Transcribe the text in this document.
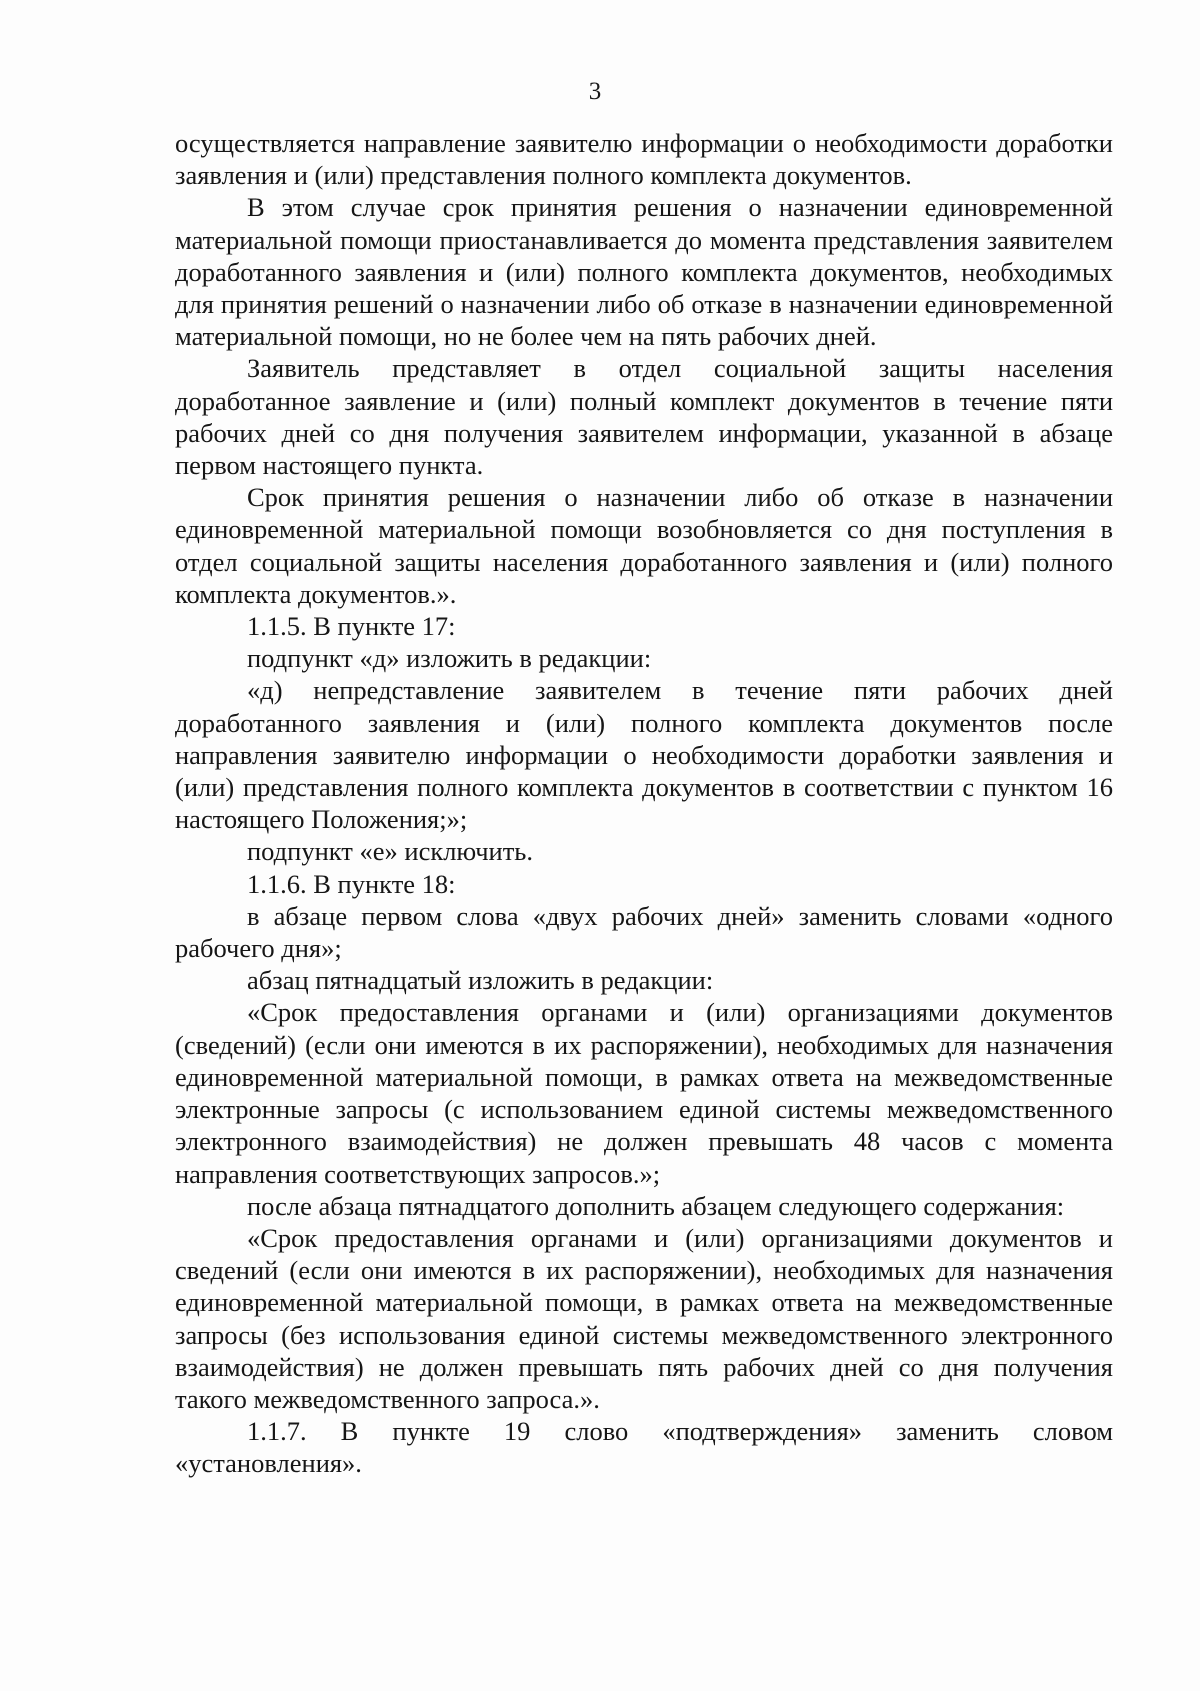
3

осуществляется направление заявителю информации о необходимости доработки заявления и (или) представления полного комплекта документов.

В этом случае срок принятия решения о назначении единовременной материальной помощи приостанавливается до момента представления заявителем доработанного заявления и (или) полного комплекта документов, необходимых для принятия решений о назначении либо об отказе в назначении единовременной материальной помощи, но не более чем на пять рабочих дней.

Заявитель представляет в отдел социальной защиты населения доработанное заявление и (или) полный комплект документов в течение пяти рабочих дней со дня получения заявителем информации, указанной в абзаце первом настоящего пункта.

Срок принятия решения о назначении либо об отказе в назначении единовременной материальной помощи возобновляется со дня поступления в отдел социальной защиты населения доработанного заявления и (или) полного комплекта документов.».

1.1.5. В пункте 17:

подпункт «д» изложить в редакции:

«д) непредставление заявителем в течение пяти рабочих дней доработанного заявления и (или) полного комплекта документов после направления заявителю информации о необходимости доработки заявления и (или) представления полного комплекта документов в соответствии с пунктом 16 настоящего Положения;»;

подпункт «е» исключить.

1.1.6. В пункте 18:

в абзаце первом слова «двух рабочих дней» заменить словами «одного рабочего дня»;

абзац пятнадцатый изложить в редакции:

«Срок предоставления органами и (или) организациями документов (сведений) (если они имеются в их распоряжении), необходимых для назначения единовременной материальной помощи, в рамках ответа на межведомственные электронные запросы (с использованием единой системы межведомственного электронного взаимодействия) не должен превышать 48 часов с момента направления соответствующих запросов.»;

после абзаца пятнадцатого дополнить абзацем следующего содержания:

«Срок предоставления органами и (или) организациями документов и сведений (если они имеются в их распоряжении), необходимых для назначения единовременной материальной помощи, в рамках ответа на межведомственные запросы (без использования единой системы межведомственного электронного взаимодействия) не должен превышать пять рабочих дней со дня получения такого межведомственного запроса.».

1.1.7. В пункте 19 слово «подтверждения» заменить словом «установления».
